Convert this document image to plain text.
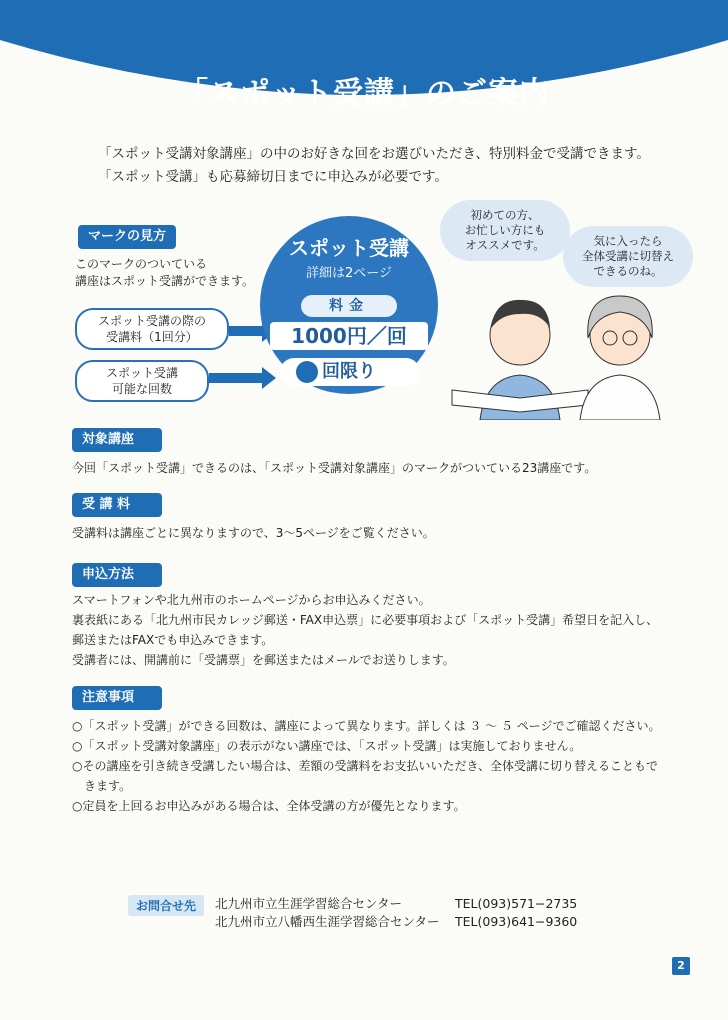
「スポット受講」のご案内
「スポット受講対象講座」の中のお好きな回をお選びいただき、特別料金で受講できます。
「スポット受講」も応募締切日までに申込みが必要です。
マークの見方
このマークのついている
講座はスポット受講ができます。
スポット受講の際の
受講料（1回分）
スポット受講
可能な回数
スポット受講
詳細は2ページ
料金
1000円／回
回限り
初めての方、
お忙しい方にも
オススメです。	気に入ったら
全体受講に切替え
できるのね。
対象講座
今回「スポット受講」できるのは、「スポット受講対象講座」のマークがついている23講座です。
受 講 料
受講料は講座ごとに異なりますので、3～5ページをご覧ください。
申込方法
スマートフォンや北九州市のホームページからお申込みください。
裏表紙にある「北九州市民カレッジ郵送・FAX申込票」に必要事項および「スポット受講」希望日を記入し、
郵送またはFAXでも申込みできます。
受講者には、開講前に「受講票」を郵送またはメールでお送りします。
注意事項
○「スポット受講」ができる回数は、講座によって異なります。詳しくは ３ ～ ５ ページでご確認ください。
○「スポット受講対象講座」の表示がない講座では、「スポット受講」は実施しておりません。
○その講座を引き続き受講したい場合は、差額の受講料をお支払いいただき、全体受講に切り替えることもで
　きます。
○定員を上回るお申込みがある場合は、全体受講の方が優先となります。
お問合せ先	北九州市立生涯学習総合センター
北九州市立八幡西生涯学習総合センター
TEL(093)571−2735
TEL(093)641−9360
2
